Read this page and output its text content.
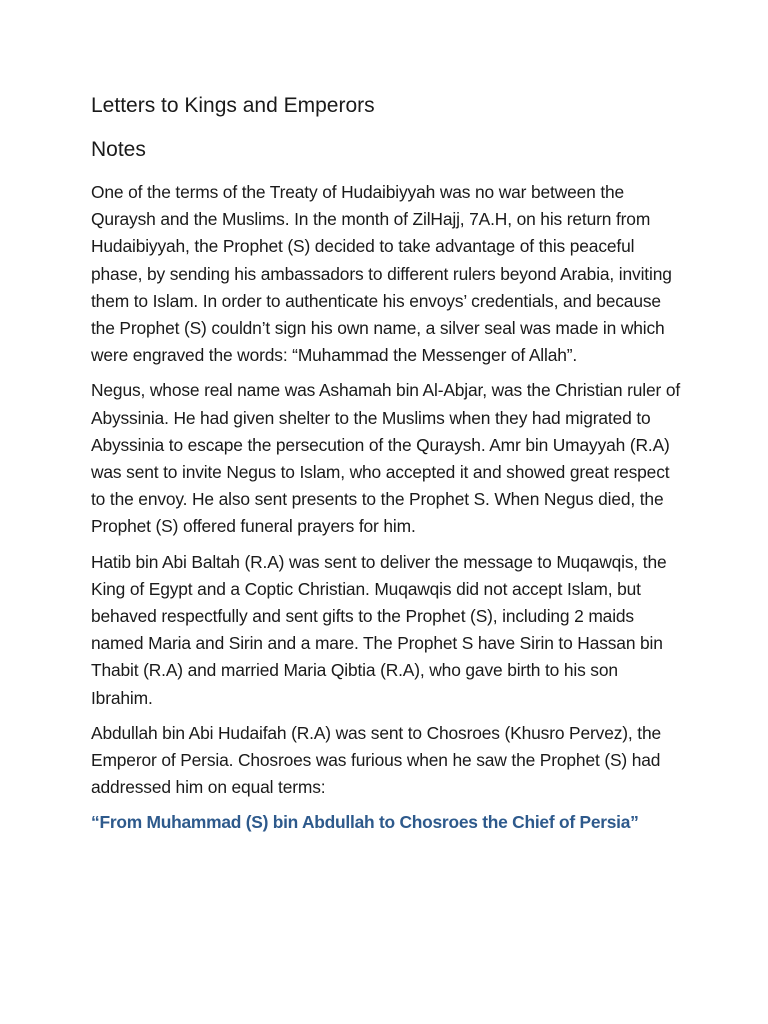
Letters to Kings and Emperors
Notes

One of the terms of the Treaty of Hudaibiyyah was no war between the Quraysh and the Muslims. In the month of ZilHajj, 7A.H, on his return from Hudaibiyyah, the Prophet (S) decided to take advantage of this peaceful phase, by sending his ambassadors to different rulers beyond Arabia, inviting them to Islam. In order to authenticate his envoys’ credentials, and because the Prophet (S) couldn’t sign his own name, a silver seal was made in which were engraved the words: “Muhammad the Messenger of Allah”.

Negus, whose real name was Ashamah bin Al-Abjar, was the Christian ruler of Abyssinia. He had given shelter to the Muslims when they had migrated to Abyssinia to escape the persecution of the Quraysh. Amr bin Umayyah (R.A) was sent to invite Negus to Islam, who accepted it and showed great respect to the envoy. He also sent presents to the Prophet S. When Negus died, the Prophet (S) offered funeral prayers for him.

Hatib bin Abi Baltah (R.A) was sent to deliver the message to Muqawqis, the King of Egypt and a Coptic Christian. Muqawqis did not accept Islam, but behaved respectfully and sent gifts to the Prophet (S), including 2 maids named Maria and Sirin and a mare. The Prophet S have Sirin to Hassan bin Thabit (R.A) and married Maria Qibtia (R.A), who gave birth to his son Ibrahim.

Abdullah bin Abi Hudaifah (R.A) was sent to Chosroes (Khusro Pervez), the Emperor of Persia. Chosroes was furious when he saw the Prophet (S) had addressed him on equal terms:

“From Muhammad (S) bin Abdullah to Chosroes the Chief of Persia”
